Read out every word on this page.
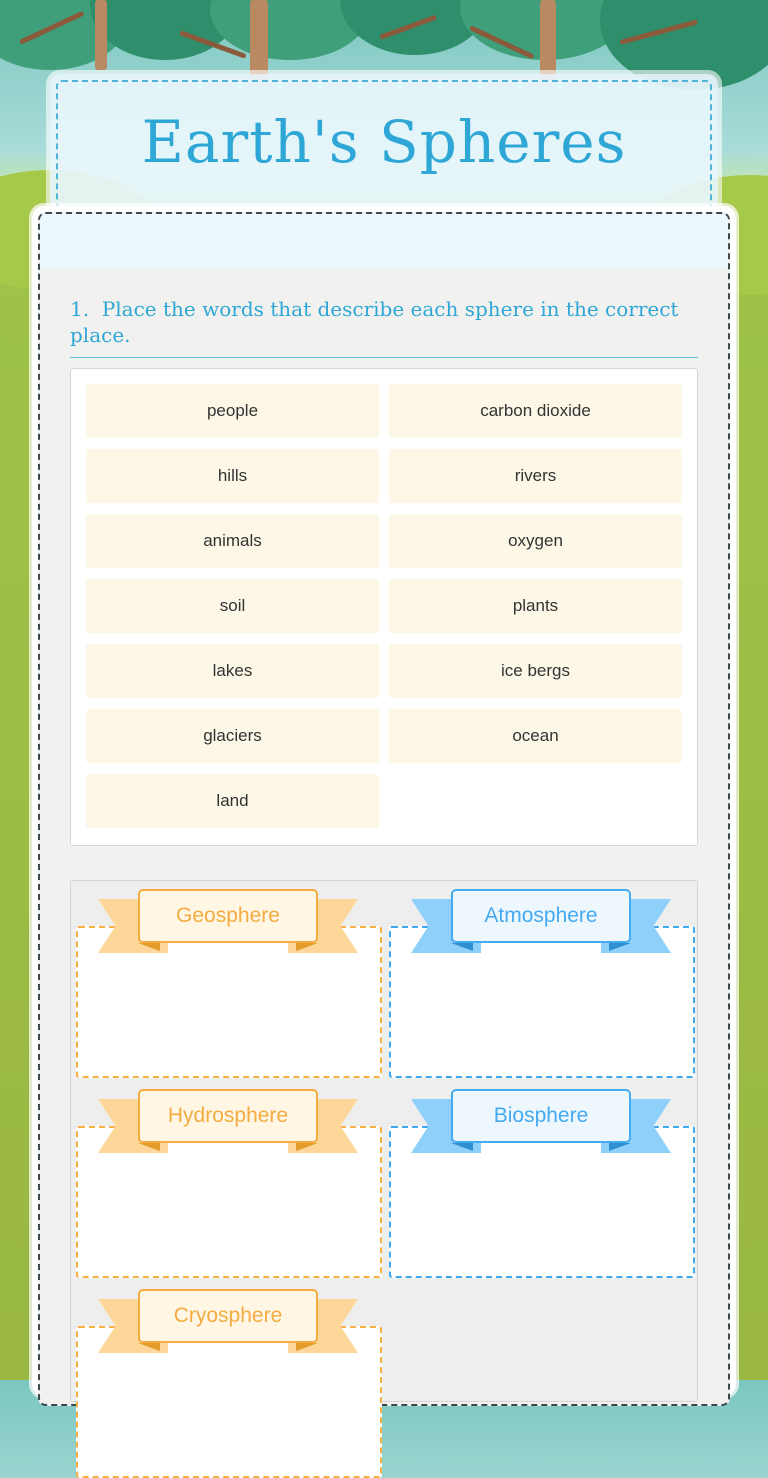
Earth's Spheres

1. Place the words that describe each sphere in the correct place.

people	carbon dioxide
hills	rivers
animals	oxygen
soil	plants
lakes	ice bergs
glaciers	ocean
land
Geosphere	Atmosphere
Hydrosphere	Biosphere
Cryosphere
